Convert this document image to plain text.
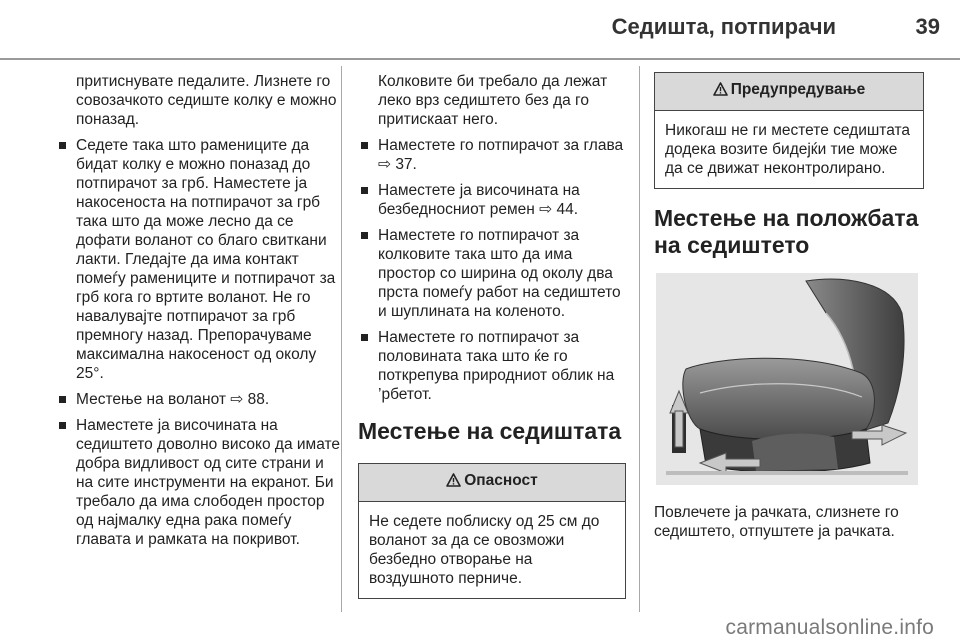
Седишта, потпирачи	39

притиснувате педалите. Лизнете го совозачкото седиште колку е можно поназад.

Седете така што рамениците да бидат колку е можно поназад до потпирачот за грб. Наместете ја накосеноста на потпирачот за грб така што да може лесно да се дофати воланот со благо свиткани лакти. Гледајте да има контакт помеѓу рамениците и потпирачот за грб кога го вртите воланот. Не го навалувајте потпирачот за грб премногу назад. Препорачуваме максимална накосеност од околу 25°.
Местење на воланот ⇨ 88.
Наместете ја височината на седиштето доволно високо да имате добра видливост од сите страни и на сите инструменти на екранот. Би требало да има слободен простор од најмалку една рака помеѓу главата и рамката на покривот.

Колковите би требало да лежат леко врз седиштето без да го притискаат него.

Наместете го потпирачот за глава ⇨ 37.
Наместете ја височината на безбедносниот ремен ⇨ 44.
Наместете го потпирачот за колковите така што да има простор со ширина од околу два прста помеѓу работ на седиштето и шуплината на коленото.
Наместете го потпирачот за половината така што ќе го поткрепува природниот облик на ’рбетот.
Местење на седиштата
Опасност

Не седете поблиску од 25 см до воланот за да се овозможи безбедно отворање на воздушното перниче.

Предупредување

Никогаш не ги местете седиштата додека возите бидејќи тие може да се движат неконтролирано.

Местење на положбата на седиштето

Повлечете ја рачката, слизнете го седиштето, отпуштете ја рачката.

carmanualsonline.info
